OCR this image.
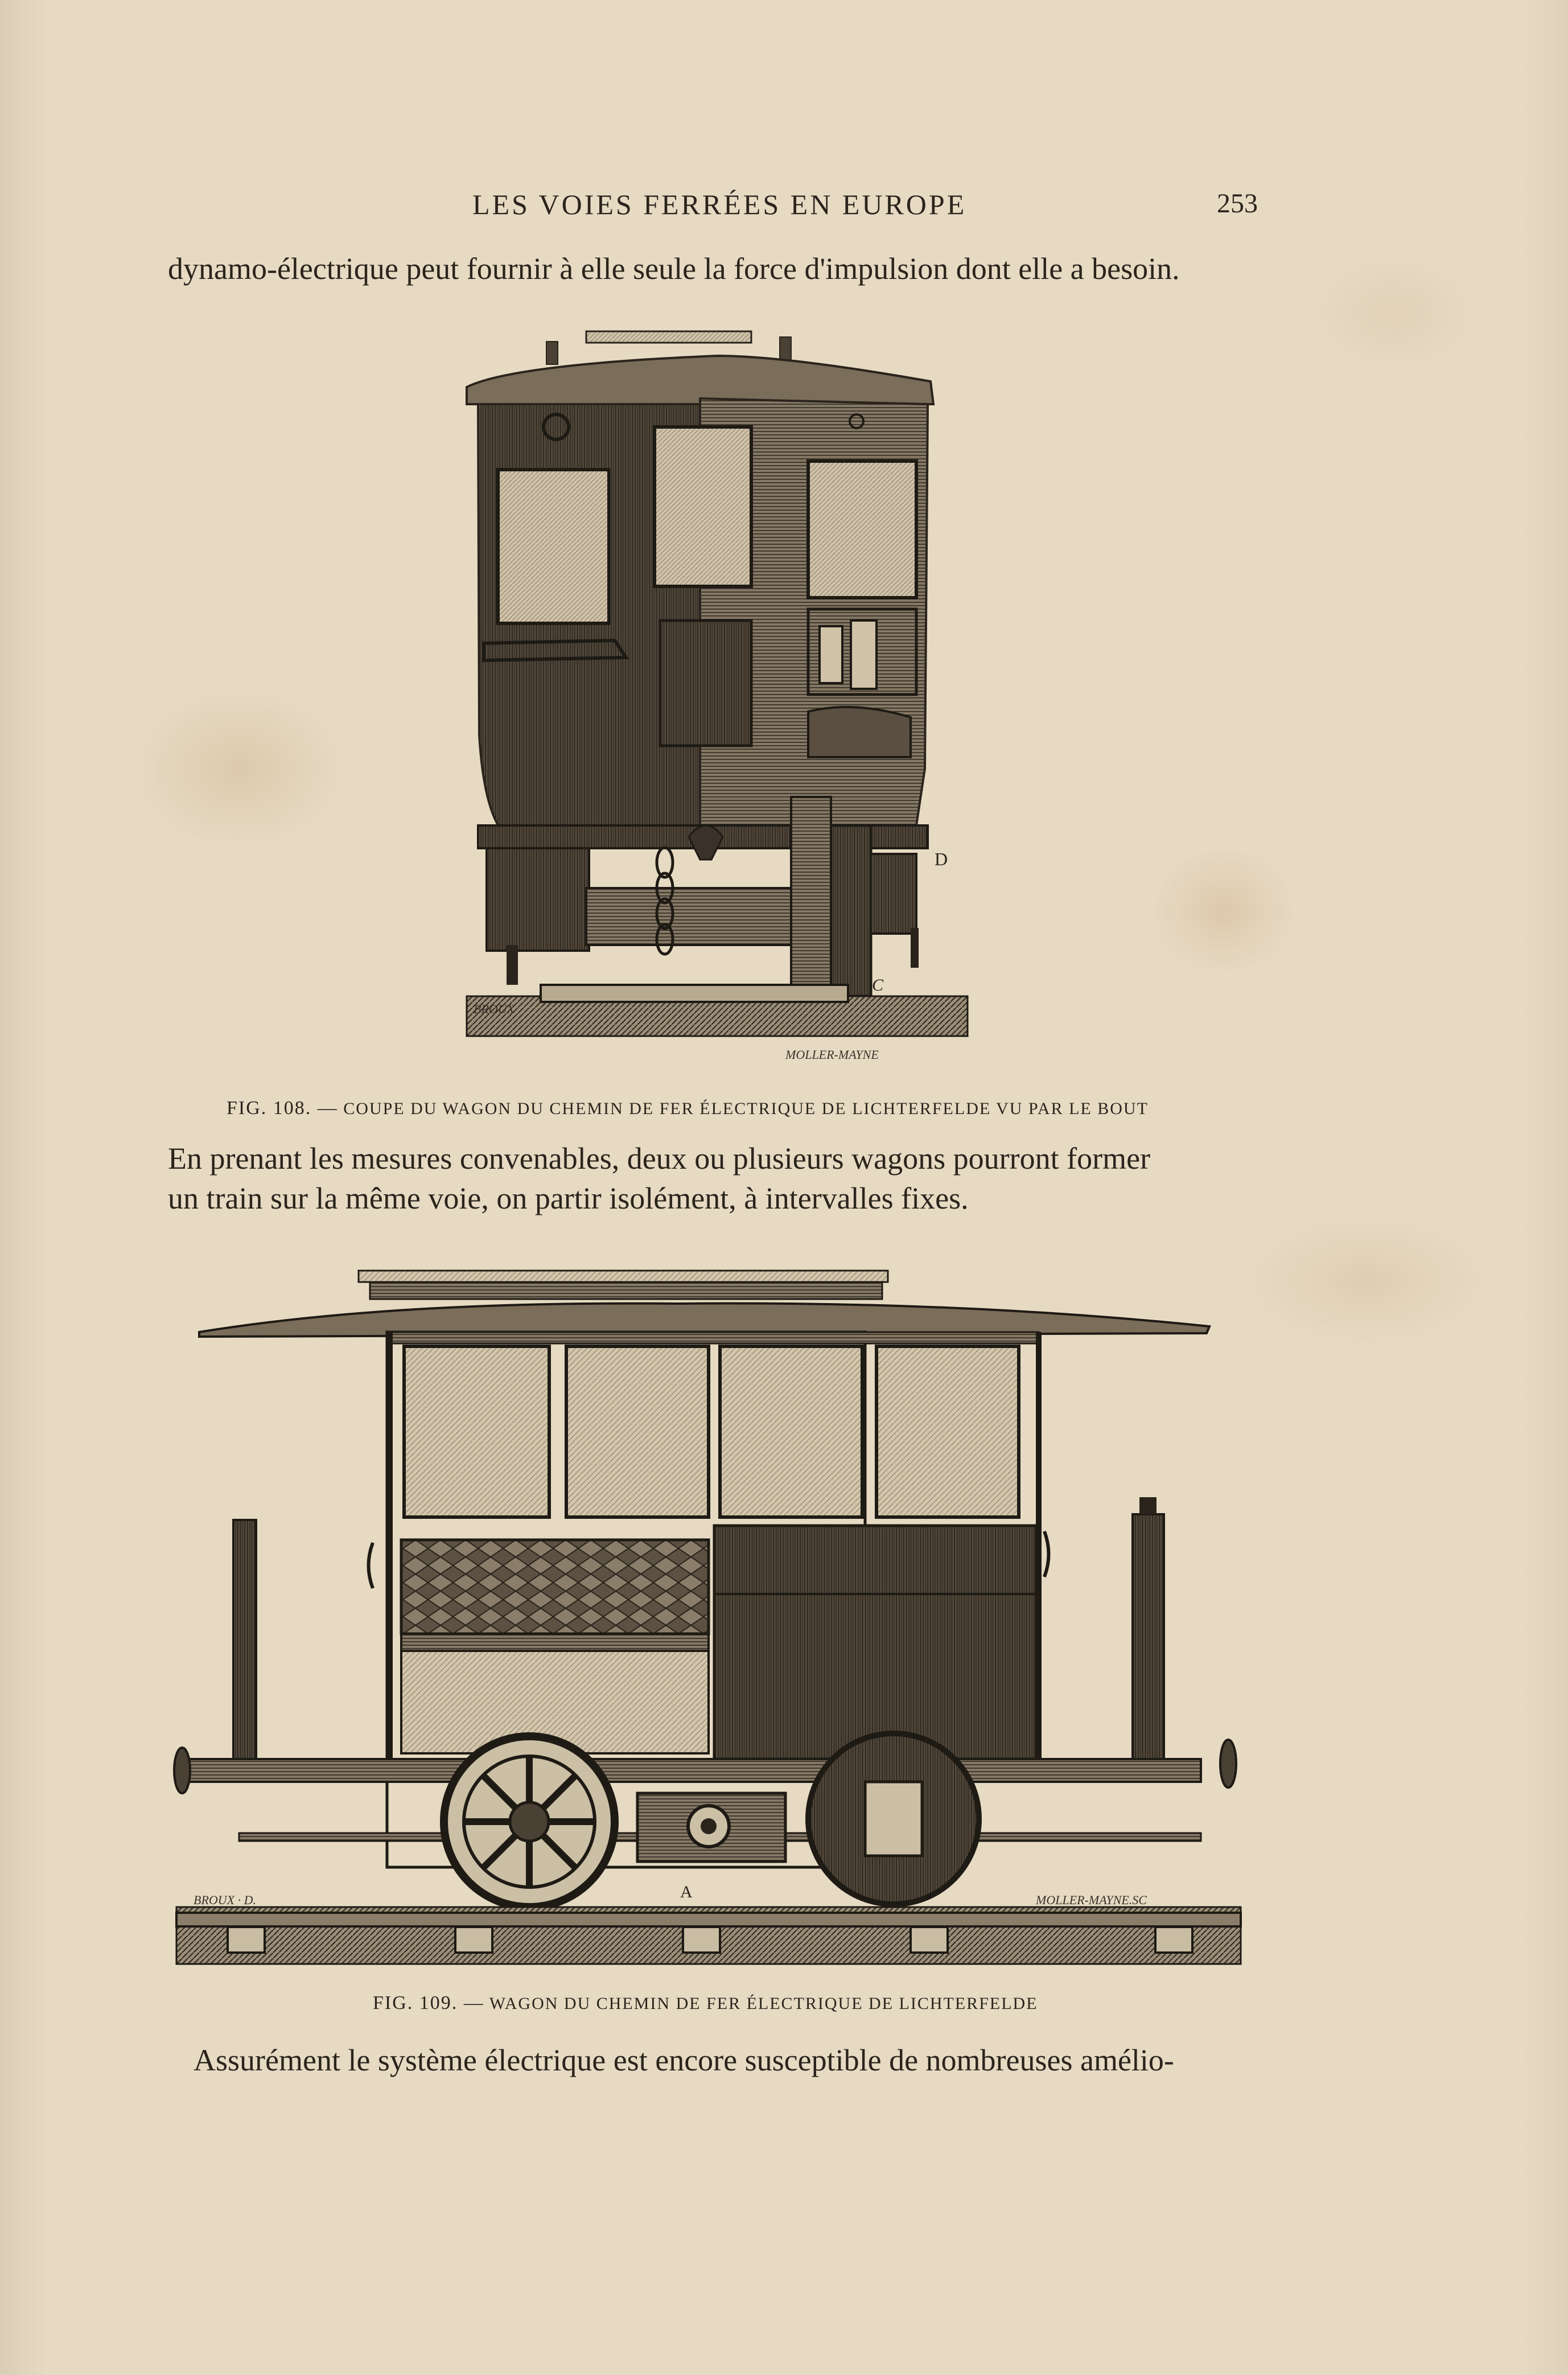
LES VOIES FERRÉES EN EUROPE	253
dynamo-électrique peut fournir à elle seule la force d'impulsion dont elle a besoin.
D
C
BROUX
MOLLER-MAYNE
FIG. 108. — COUPE DU WAGON DU CHEMIN DE FER ÉLECTRIQUE DE LICHTERFELDE VU PAR LE BOUT
En prenant les mesures convenables, deux ou plusieurs wagons pourront former
un train sur la même voie, on partir isolément, à intervalles fixes.
A
BROUX · D.	MOLLER-MAYNE.SC
FIG. 109. — WAGON DU CHEMIN DE FER ÉLECTRIQUE DE LICHTERFELDE
Assurément le système électrique est encore susceptible de nombreuses amélio-
